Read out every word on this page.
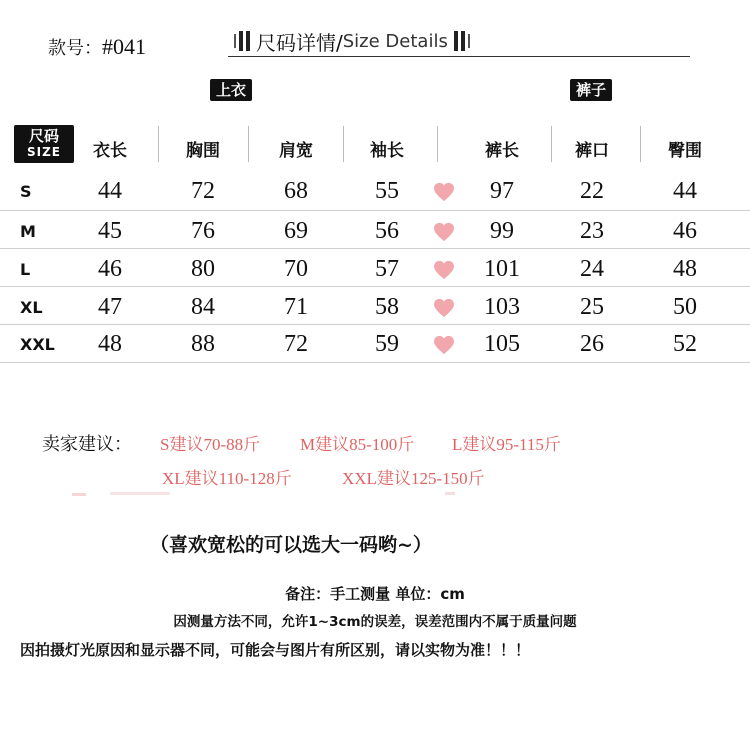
款号：#041	尺码详情/ Size Details
上衣	裤子
尺码
SIZE	衣长	胸围	肩宽	袖长	裤长	裤口	臀围
S	44	72	68	55	97	22	44
M	45	76	69	56	99	23	46
L	46	80	70	57	101	24	48
XL	47	84	71	58	103	25	50
XXL	48	88	72	59	105	26	52
卖家建议： S建议70-88斤 M建议85-100斤 L建议95-115斤
XL建议110-128斤	XXL建议125-150斤
（喜欢宽松的可以选大一码哟~）
备注：手工测量 单位：cm
因测量方法不同，允许1~3cm的误差，误差范围内不属于质量问题
因拍摄灯光原因和显示器不同，可能会与图片有所区别，请以实物为准！！！
